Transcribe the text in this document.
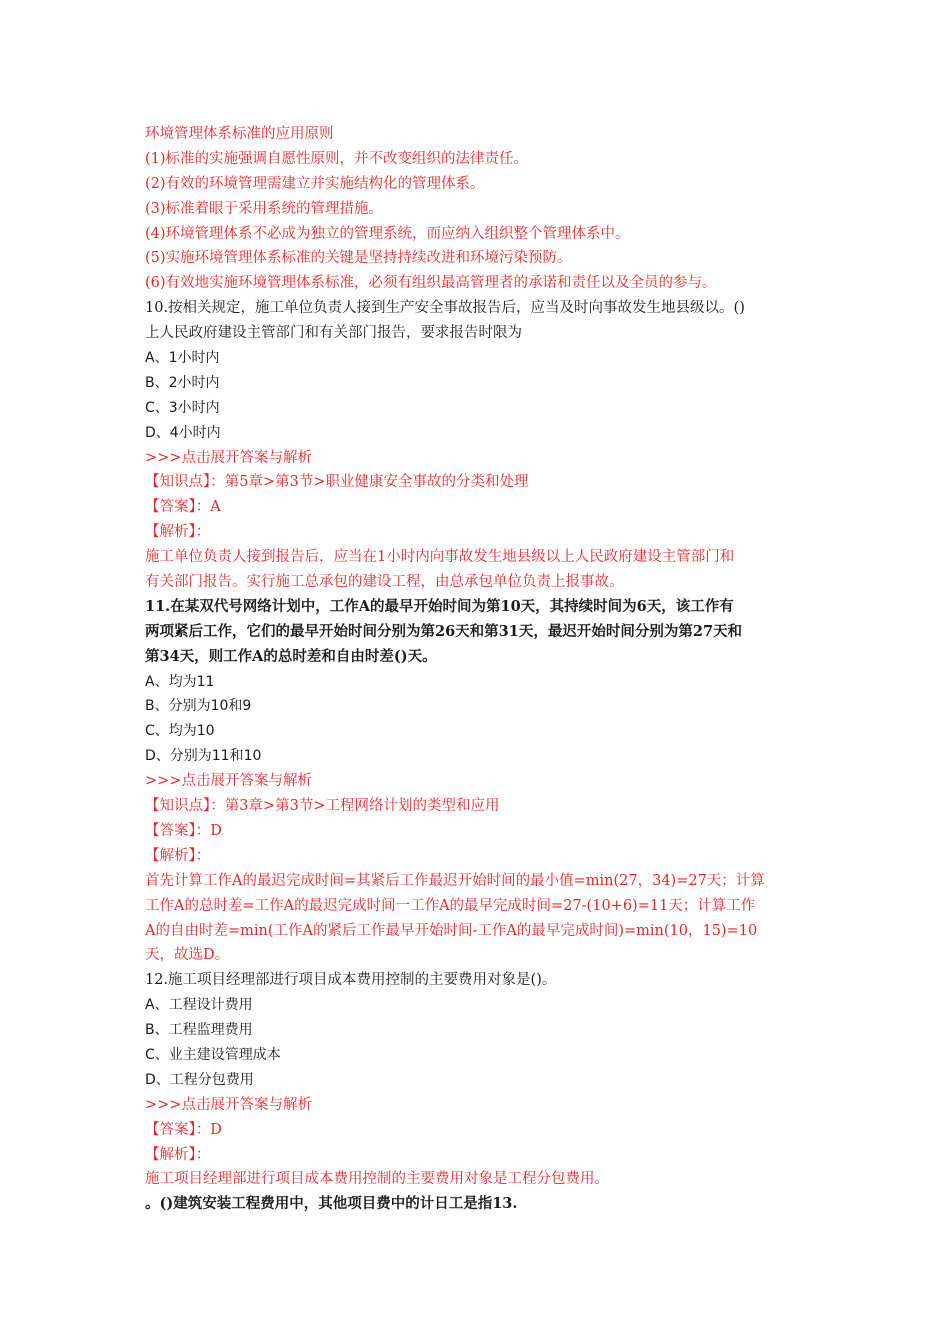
环境管理体系标准的应用原则
(1)标准的实施强调自愿性原则，并不改变组织的法律责任。
(2)有效的环境管理需建立并实施结构化的管理体系。
(3)标准着眼于采用系统的管理措施。
(4)环境管理体系不必成为独立的管理系统，而应纳入组织整个管理体系中。
(5)实施环境管理体系标准的关键是坚持持续改进和环境污染预防。
(6)有效地实施环境管理体系标准，必须有组织最高管理者的承诺和责任以及全员的参与。
10.按相关规定，施工单位负责人接到生产安全事故报告后，应当及时向事故发生地县级以。()
上人民政府建设主管部门和有关部门报告，要求报告时限为
A、1小时内
B、2小时内
C、3小时内
D、4小时内
>>>点击展开答案与解析
【知识点】：第5章>第3节>职业健康安全事故的分类和处理
【答案】：A
【解析】：
施工单位负责人接到报告后，应当在1小时内向事故发生地县级以上人民政府建设主管部门和
有关部门报告。实行施工总承包的建设工程，由总承包单位负责上报事故。
11.在某双代号网络计划中，工作A的最早开始时间为第10天，其持续时间为6天，该工作有
两项紧后工作，它们的最早开始时间分别为第26天和第31天，最迟开始时间分别为第27天和
第34天，则工作A的总时差和自由时差()天。
A、均为11
B、分别为10和9
C、均为10
D、分别为11和10
>>>点击展开答案与解析
【知识点】：第3章>第3节>工程网络计划的类型和应用
【答案】：D
【解析】：
首先计算工作A的最迟完成时间=其紧后工作最迟开始时间的最小值=min(27，34)=27天；计算
工作A的总时差=工作A的最迟完成时间一工作A的最早完成时间=27-(10+6)=11天；计算工作
A的自由时差=min(工作A的紧后工作最早开始时间-工作A的最早完成时间)=min(10，15)=10
天，故选D。
12.施工项目经理部进行项目成本费用控制的主要费用对象是()。
A、工程设计费用
B、工程监理费用
C、业主建设管理成本
D、工程分包费用
>>>点击展开答案与解析
【答案】：D
【解析】：
施工项目经理部进行项目成本费用控制的主要费用对象是工程分包费用。
。()建筑安装工程费用中，其他项目费中的计日工是指13.
